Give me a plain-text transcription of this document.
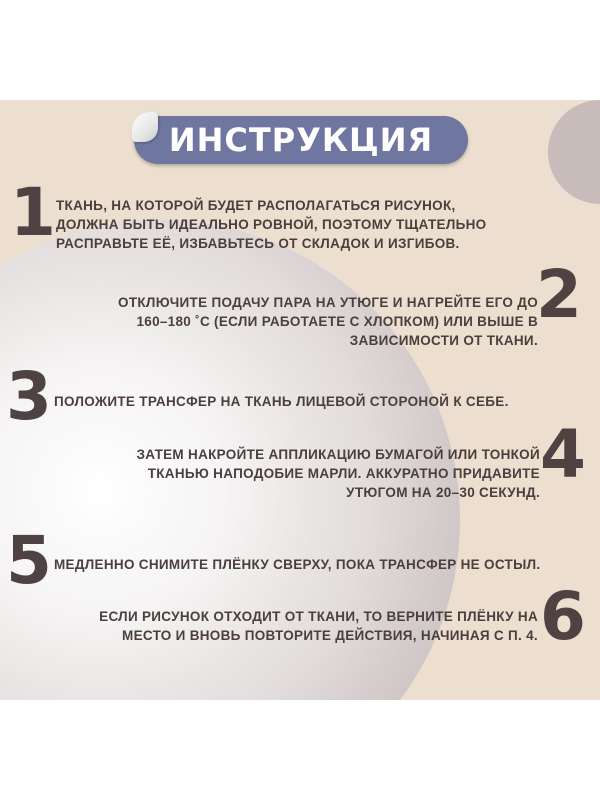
ИНСТРУКЦИЯ
1 ТКАНЬ, НА КОТОРОЙ БУДЕТ РАСПОЛАГАТЬСЯ РИСУНОК, ДОЛЖНА БЫТЬ ИДЕАЛЬНО РОВНОЙ, ПОЭТОМУ ТЩАТЕЛЬНО РАСПРАВЬТЕ ЕЁ, ИЗБАВЬТЕСЬ ОТ СКЛАДОК И ИЗГИБОВ.
2
ОТКЛЮЧИТЕ ПОДАЧУ ПАРА НА УТЮГЕ И НАГРЕЙТЕ ЕГО ДО 160–180 ˚С (ЕСЛИ РАБОТАЕТЕ С ХЛОПКОМ) ИЛИ ВЫШЕ В ЗАВИСИМОСТИ ОТ ТКАНИ.
3 ПОЛОЖИТЕ ТРАНСФЕР НА ТКАНЬ ЛИЦЕВОЙ СТОРОНОЙ К СЕБЕ.
4
ЗАТЕМ НАКРОЙТЕ АППЛИКАЦИЮ БУМАГОЙ ИЛИ ТОНКОЙ ТКАНЬЮ НАПОДОБИЕ МАРЛИ. АККУРАТНО ПРИДАВИТЕ УТЮГОМ НА 20–30 СЕКУНД.
5 МЕДЛЕННО СНИМИТЕ ПЛЁНКУ СВЕРХУ, ПОКА ТРАНСФЕР НЕ ОСТЫЛ.
6
ЕСЛИ РИСУНОК ОТХОДИТ ОТ ТКАНИ, ТО ВЕРНИТЕ ПЛЁНКУ НА МЕСТО И ВНОВЬ ПОВТОРИТЕ ДЕЙСТВИЯ, НАЧИНАЯ С П. 4.
